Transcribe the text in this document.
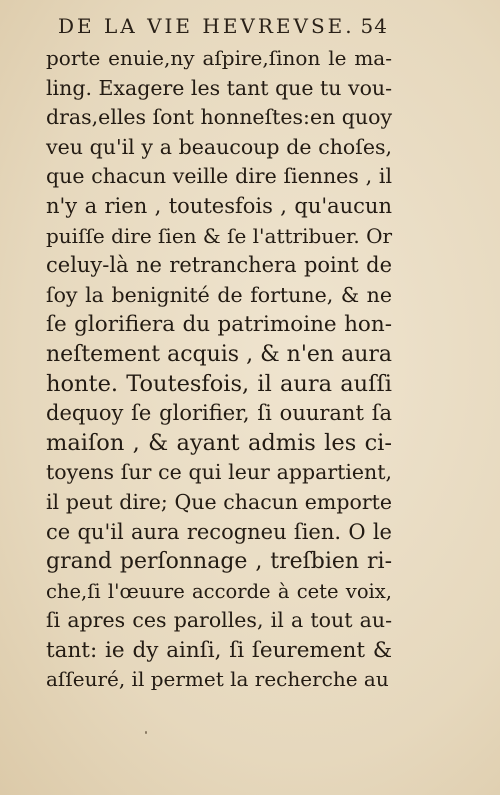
DE LA VIE HEVREVSE. 54
porte enuie,ny aſpire,ſinon le ma-
ling. Exagere les tant que tu vou-
dras,elles ſont honneſtes:en quoy
veu qu'il y a beaucoup de choſes,
que chacun veille dire ſiennes , il
n'y a rien , toutesfois , qu'aucun
puiſſe dire ſien & ſe l'attribuer. Or
celuy-là ne retranchera point de
ſoy la benignité de fortune, & ne
ſe glorifiera du patrimoine hon-
neſtement acquis , & n'en aura
honte. Toutesfois, il aura auſſi
dequoy ſe glorifier, ſi ouurant ſa
maiſon , & ayant admis les ci-
toyens ſur ce qui leur appartient,
il peut dire; Que chacun emporte
ce qu'il aura recogneu ſien. O le
grand perſonnage , treſbien ri-
che,ſi l'œuure accorde à cete voix,
ſi apres ces parolles, il a tout au-
tant: ie dy ainſi, ſi ſeurement &
aſſeuré, il permet la recherche au
